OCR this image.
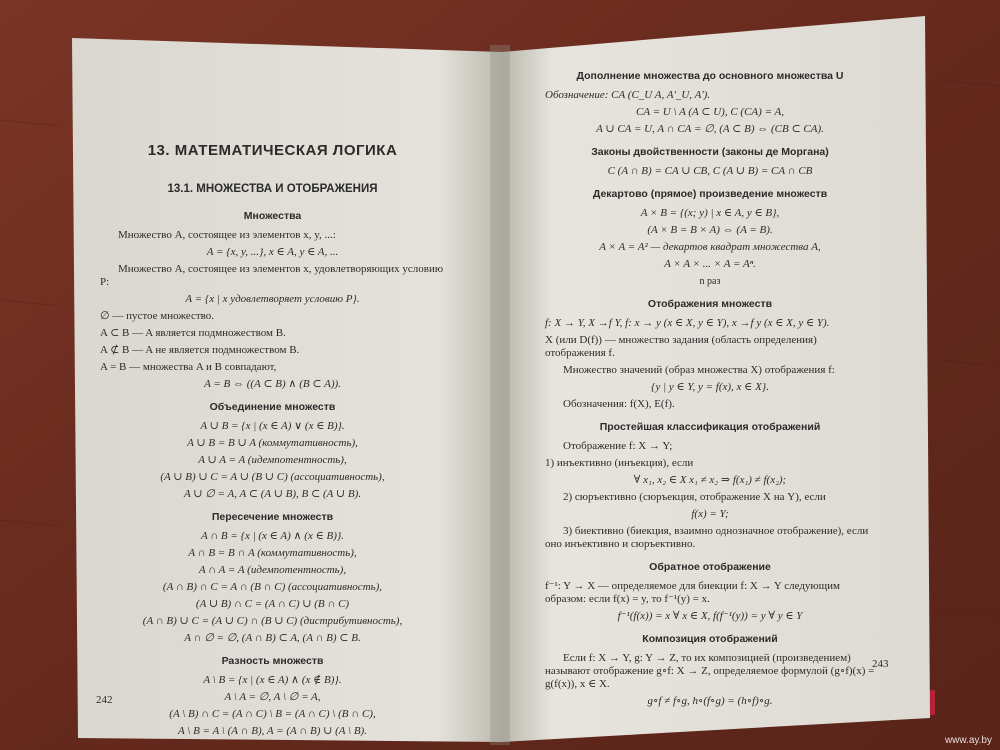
13. МАТЕМАТИЧЕСКАЯ ЛОГИКА
13.1. МНОЖЕСТВА И ОТОБРАЖЕНИЯ
Множества

Множество A, состоящее из элементов x, y, ...:

A = {x, y, ...}, x ∈ A, y ∈ A, ...

Множество A, состоящее из элементов x, удовлетворяющих условию P:

A = {x | x удовлетворяет условию P}.

∅ — пустое множество.

A ⊂ B — A является подмножеством B.

A ⊄ B — A не является подмножеством B.

A = B — множества A и B совпадают,

A = B ⇔ ((A ⊂ B) ∧ (B ⊂ A)).

Объединение множеств

A ∪ B = {x | (x ∈ A) ∨ (x ∈ B)}.

A ∪ B = B ∪ A (коммутативность),

A ∪ A = A (идемпотентность),

(A ∪ B) ∪ C = A ∪ (B ∪ C) (ассоциативность),

A ∪ ∅ = A, A ⊂ (A ∪ B), B ⊂ (A ∪ B).

Пересечение множеств

A ∩ B = {x | (x ∈ A) ∧ (x ∈ B)}.

A ∩ B = B ∩ A (коммутативность),

A ∩ A = A (идемпотентность),

(A ∩ B) ∩ C = A ∩ (B ∩ C) (ассоциативность),

(A ∪ B) ∩ C = (A ∩ C) ∪ (B ∩ C)

(A ∩ B) ∪ C = (A ∪ C) ∩ (B ∪ C) (дистрибутивность),

A ∩ ∅ = ∅, (A ∩ B) ⊂ A, (A ∩ B) ⊂ B.

Разность множеств

A \ B = {x | (x ∈ A) ∧ (x ∉ B)}.

A \ A = ∅, A \ ∅ = A,

(A \ B) ∩ C = (A ∩ C) \ B = (A ∩ C) \ (B ∩ C),

A \ B = A \ (A ∩ B), A = (A ∩ B) ∪ (A \ B).

242
Дополнение множества до основного множества U

Обозначение: CA (C_U A, A'_U, A').

CA = U \ A (A ⊂ U), C (CA) = A,

A ∪ CA = U, A ∩ CA = ∅, (A ⊂ B) ⇔ (CB ⊂ CA).

Законы двойственности (законы де Моргана)

C (A ∩ B) = CA ∪ CB, C (A ∪ B) = CA ∩ CB

Декартово (прямое) произведение множеств

A × B = {(x; y) | x ∈ A, y ∈ B},

(A × B = B × A) ⇔ (A = B).

A × A = A² — декартов квадрат множества A,

A × A × ... × A = Aⁿ.

n раз

Отображения множеств

f: X → Y, X →f Y, f: x → y (x ∈ X, y ∈ Y), x →f y (x ∈ X, y ∈ Y).

X (или D(f)) — множество задания (область определения) отображения f.

Множество значений (образ множества X) отображения f:

{y | y ∈ Y, y = f(x), x ∈ X}.

Обозначения: f(X), E(f).

Простейшая классификация отображений

Отображение f: X → Y;

1) инъективно (инъекция), если

∀ x₁, x₂ ∈ X x₁ ≠ x₂ ⇒ f(x₁) ≠ f(x₂);

2) сюръективно (сюръекция, отображение X на Y), если

f(x) = Y;

3) биективно (биекция, взаимно однозначное отображение), если оно инъективно и сюръективно.

Обратное отображение

f⁻¹: Y → X — определяемое для биекции f: X → Y следующим образом: если f(x) = y, то f⁻¹(y) = x.

f⁻¹(f(x)) = x ∀ x ∈ X, f(f⁻¹(y)) = y ∀ y ∈ Y

Композиция отображений

Если f: X → Y, g: Y → Z, то их композицией (произведением) называют отображение g∘f: X → Z, определяемое формулой (g∘f)(x) = g(f(x)), x ∈ X.

g∘f ≠ f∘g, h∘(f∘g) = (h∘f)∘g.

243
www.ay.by
